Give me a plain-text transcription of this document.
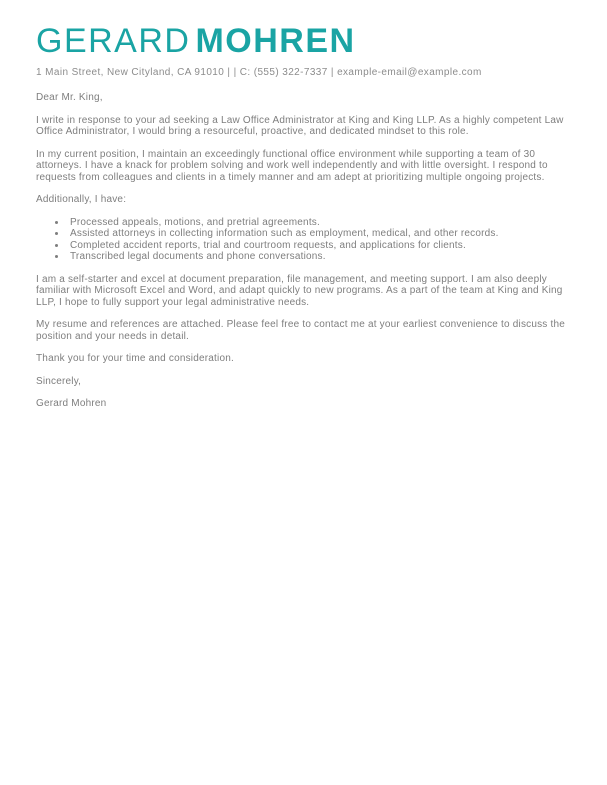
GERARD MOHREN
1 Main Street, New Cityland, CA 91010 | | C: (555) 322-7337 | example-email@example.com

Dear Mr. King,

I write in response to your ad seeking a Law Office Administrator at King and King LLP. As a highly competent Law Office Administrator, I would bring a resourceful, proactive, and dedicated mindset to this role.

In my current position, I maintain an exceedingly functional office environment while supporting a team of 30 attorneys. I have a knack for problem solving and work well independently and with little oversight. I respond to requests from colleagues and clients in a timely manner and am adept at prioritizing multiple ongoing projects.

Additionally, I have:

• Processed appeals, motions, and pretrial agreements.
• Assisted attorneys in collecting information such as employment, medical, and other records.
• Completed accident reports, trial and courtroom requests, and applications for clients.
• Transcribed legal documents and phone conversations.

I am a self-starter and excel at document preparation, file management, and meeting support. I am also deeply familiar with Microsoft Excel and Word, and adapt quickly to new programs. As a part of the team at King and King LLP, I hope to fully support your legal administrative needs.

My resume and references are attached. Please feel free to contact me at your earliest convenience to discuss the position and your needs in detail.

Thank you for your time and consideration.

Sincerely,

Gerard Mohren
